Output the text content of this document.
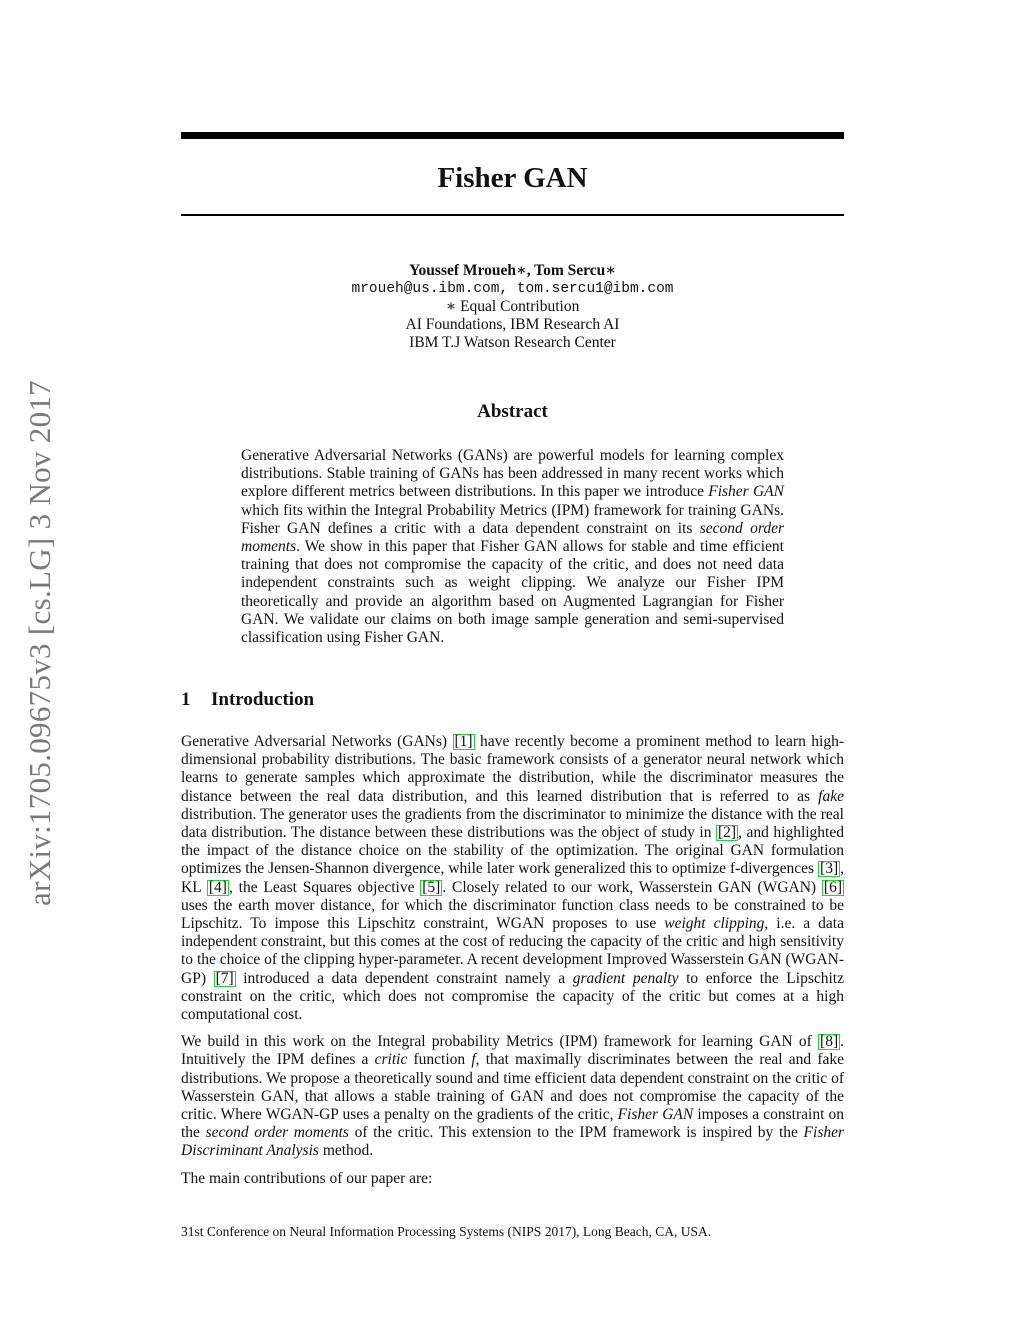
arXiv:1705.09675v3 [cs.LG] 3 Nov 2017
Fisher GAN
Youssef Mroueh∗, Tom Sercu∗
mroueh@us.ibm.com, tom.sercu1@ibm.com
∗ Equal Contribution
AI Foundations, IBM Research AI
IBM T.J Watson Research Center
Abstract
Generative Adversarial Networks (GANs) are powerful models for learning complex distributions. Stable training of GANs has been addressed in many recent works which explore different metrics between distributions. In this paper we introduce Fisher GAN which fits within the Integral Probability Metrics (IPM) framework for training GANs. Fisher GAN defines a critic with a data dependent constraint on its second order moments. We show in this paper that Fisher GAN allows for stable and time efficient training that does not compromise the capacity of the critic, and does not need data independent constraints such as weight clipping. We analyze our Fisher IPM theoretically and provide an algorithm based on Augmented Lagrangian for Fisher GAN. We validate our claims on both image sample generation and semi-supervised classification using Fisher GAN.
1 Introduction

Generative Adversarial Networks (GANs) [1] have recently become a prominent method to learn high-dimensional probability distributions. The basic framework consists of a generator neural network which learns to generate samples which approximate the distribution, while the discriminator measures the distance between the real data distribution, and this learned distribution that is referred to as fake distribution. The generator uses the gradients from the discriminator to minimize the distance with the real data distribution. The distance between these distributions was the object of study in [2] , and highlighted the impact of the distance choice on the stability of the optimization. The original GAN formulation optimizes the Jensen-Shannon divergence, while later work generalized this to optimize f-divergences [3] , KL [4] , the Least Squares objective [5] . Closely related to our work, Wasserstein GAN (WGAN) [6] uses the earth mover distance, for which the discriminator function class needs to be constrained to be Lipschitz. To impose this Lipschitz constraint, WGAN proposes to use weight clipping, i.e. a data independent constraint, but this comes at the cost of reducing the capacity of the critic and high sensitivity to the choice of the clipping hyper-parameter. A recent development Improved Wasserstein GAN (WGAN-GP) [7] introduced a data dependent constraint namely a gradient penalty to enforce the Lipschitz constraint on the critic, which does not compromise the capacity of the critic but comes at a high computational cost.

We build in this work on the Integral probability Metrics (IPM) framework for learning GAN of [8] . Intuitively the IPM defines a critic function f, that maximally discriminates between the real and fake distributions. We propose a theoretically sound and time efficient data dependent constraint on the critic of Wasserstein GAN, that allows a stable training of GAN and does not compromise the capacity of the critic. Where WGAN-GP uses a penalty on the gradients of the critic, Fisher GAN imposes a constraint on the second order moments of the critic. This extension to the IPM framework is inspired by the Fisher Discriminant Analysis method.

The main contributions of our paper are:

31st Conference on Neural Information Processing Systems (NIPS 2017), Long Beach, CA, USA.
